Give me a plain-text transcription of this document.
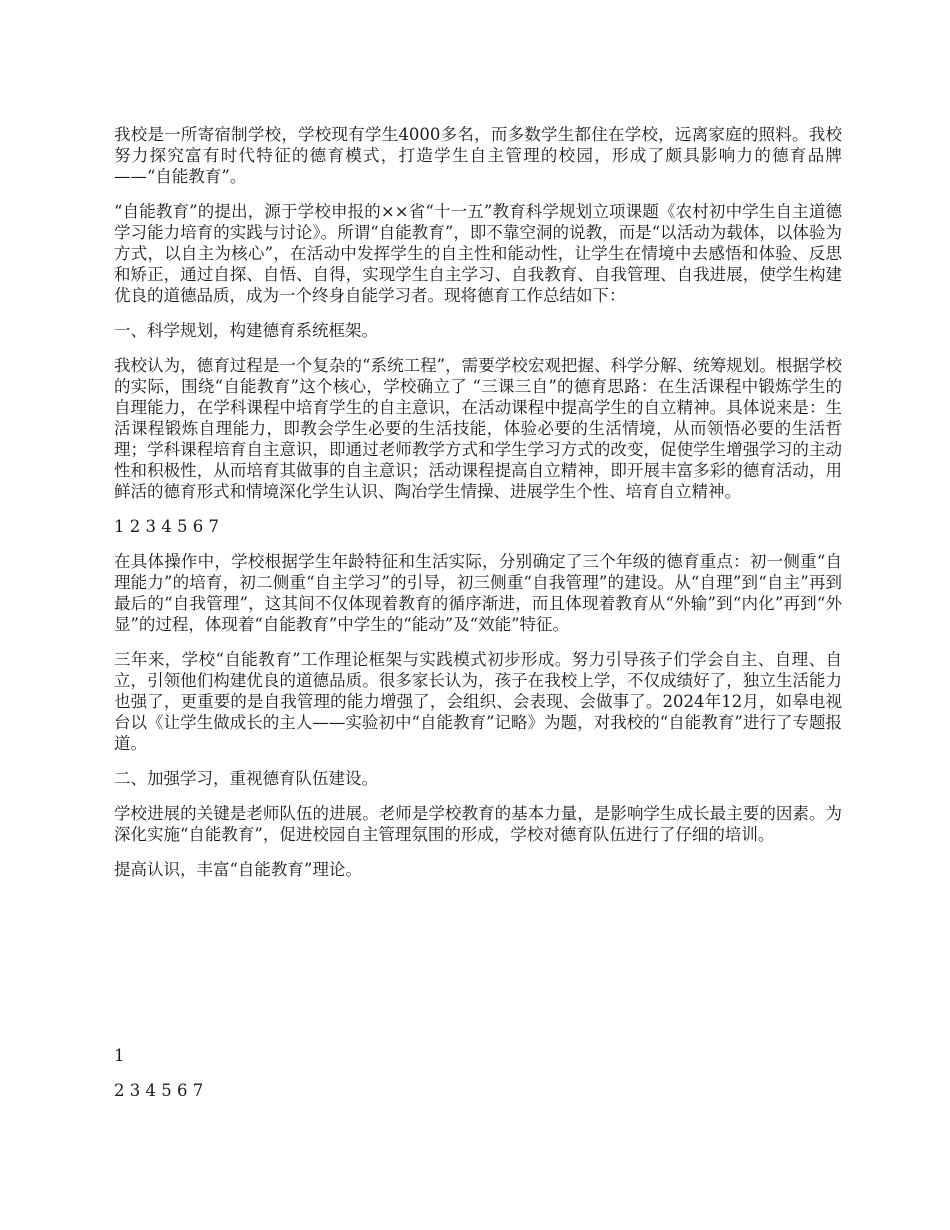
我校是一所寄宿制学校，学校现有学生4000多名，而多数学生都住在学校，远离家庭的照料。我校努力探究富有时代特征的德育模式，打造学生自主管理的校园，形成了颇具影响力的德育品牌——“自能教育”。

“自能教育”的提出，源于学校申报的××省“十一五”教育科学规划立项课题《农村初中学生自主道德学习能力培育的实践与讨论》。所谓“自能教育”，即不靠空洞的说教，而是“以活动为载体，以体验为方式，以自主为核心”，在活动中发挥学生的自主性和能动性，让学生在情境中去感悟和体验、反思和矫正，通过自探、自悟、自得，实现学生自主学习、自我教育、自我管理、自我进展，使学生构建优良的道德品质，成为一个终身自能学习者。现将德育工作总结如下：

一、科学规划，构建德育系统框架。

我校认为，德育过程是一个复杂的“系统工程”，需要学校宏观把握、科学分解、统筹规划。根据学校的实际，围绕“自能教育”这个核心，学校确立了 “三课三自”的德育思路：在生活课程中锻炼学生的自理能力，在学科课程中培育学生的自主意识，在活动课程中提高学生的自立精神。具体说来是：生活课程锻炼自理能力，即教会学生必要的生活技能，体验必要的生活情境，从而领悟必要的生活哲理；学科课程培育自主意识，即通过老师教学方式和学生学习方式的改变，促使学生增强学习的主动性和积极性，从而培育其做事的自主意识；活动课程提高自立精神，即开展丰富多彩的德育活动，用鲜活的德育形式和情境深化学生认识、陶冶学生情操、进展学生个性、培育自立精神。

1 2 3 4 5 6 7

在具体操作中，学校根据学生年龄特征和生活实际，分别确定了三个年级的德育重点：初一侧重“自理能力”的培育，初二侧重“自主学习”的引导，初三侧重“自我管理”的建设。从“自理”到“自主”再到最后的“自我管理”，这其间不仅体现着教育的循序渐进，而且体现着教育从“外输”到“内化”再到“外显”的过程，体现着“自能教育”中学生的“能动”及“效能”特征。

三年来，学校“自能教育”工作理论框架与实践模式初步形成。努力引导孩子们学会自主、自理、自立，引领他们构建优良的道德品质。很多家长认为，孩子在我校上学，不仅成绩好了，独立生活能力也强了，更重要的是自我管理的能力增强了，会组织、会表现、会做事了。2024年12月，如皋电视台以《让学生做成长的主人——实验初中“自能教育”记略》为题，对我校的“自能教育”进行了专题报道。

二、加强学习，重视德育队伍建设。

学校进展的关键是老师队伍的进展。老师是学校教育的基本力量，是影响学生成长最主要的因素。为深化实施“自能教育”，促进校园自主管理氛围的形成，学校对德育队伍进行了仔细的培训。

提高认识，丰富“自能教育”理论。

1
2 3 4 5 6 7
